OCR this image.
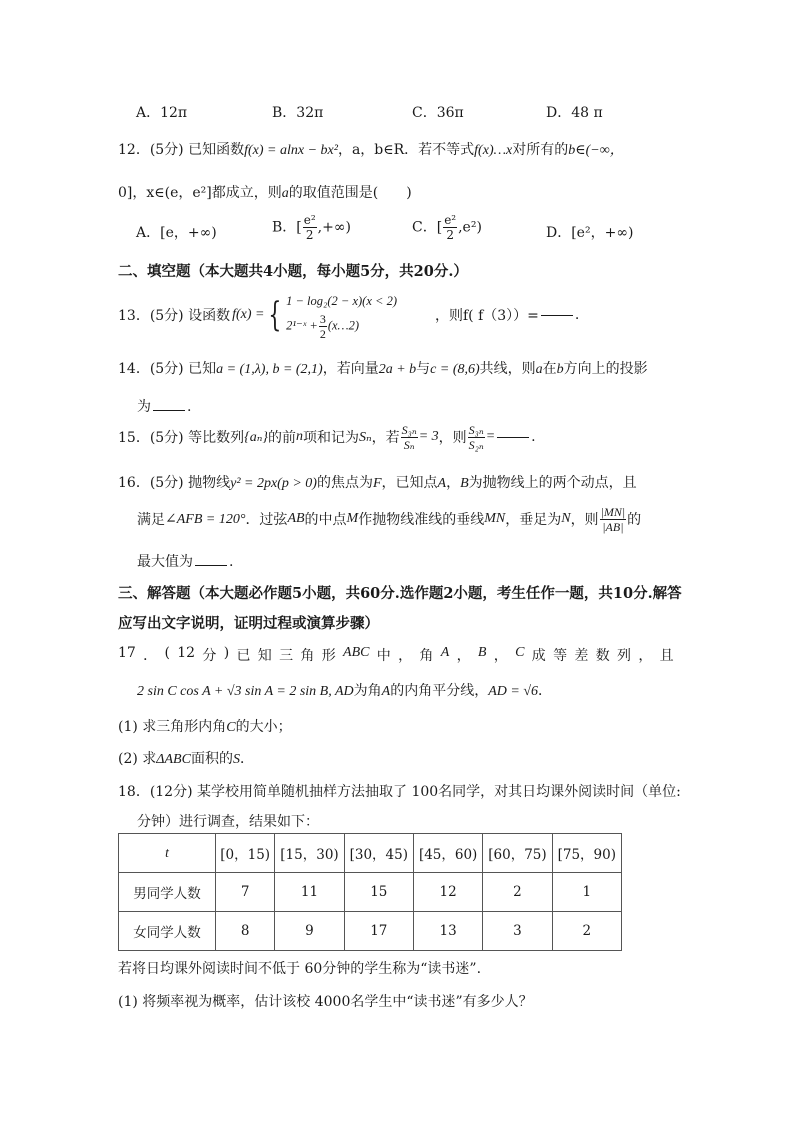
A．12π	B．32π	C．36π	D．48 π
12．(5分) 已知函数f(x) = alnx − bx²，a，b∈R．若不等式f(x)…x对所有的b∈(−∞，
0]，x∈(e，e²]都成立，则a的取值范围是(　　)
A．[e，+∞)	B．[ $\frac{\text{e²}}{2}$ ,+∞)	C．[ $\frac{\text{e²}}{2} ,e^2$)	D．[e²，+∞)
二、填空题（本大题共4小题，每小题5分，共20分.）
13．(5分) 设函数 f(x) = { 1 − log₂(2 − x)(x < 2)
2¹⁻ˣ + $\frac{3}{2}$ (x…2)
，则f( f（3））=	.
14．(5分) 已知a = (1,λ), b = (2,1)，若向量2a + b与c = (8,6)共线，则a在b方向上的投影
为	.
15．(5分) 等比数列 {aₙ} 的前 n 项和记为 Sₙ ，若 $\frac{\text{S₃ₙ}}{\text{Sₙ}} = 3$ ，则 $\frac{\text{S₃ₙ}}{\text{S₂ₙ}}$ =	.
16．(5分) 抛物线y² = 2px(p > 0)的焦点为F，已知点A，B为抛物线上的两个动点，且
满足 ∠AFB = 120° ．过弦 AB 的中点 M 作抛物线准线的垂线 MN ，垂足为 N ，则 $\frac{|MN|}{|AB|}$ 的
最大值为	.
三、解答题（本大题必作题5小题，共60分.选作题2小题，考生任作一题，共10分.解答
应写出文字说明，证明过程或演算步骤）
17 ． ( 12 分 ) 已 知 三 角 形 ABC 中 ， 角 A ， B ， C 成 等 差 数 列 ， 且
2 sin C cos A + √3 sin A = 2 sin B, AD为角A的内角平分线，AD = √6．
(1) 求三角形内角C的大小；
(2) 求ΔABC面积的S．
18．(12分) 某学校用简单随机抽样方法抽取了 100名同学，对其日均课外阅读时间（单位:
分钟）进行调查，结果如下：
t	[0，15)	[15，30)	[30，45)	[45，60)	[60，75)	[75，90)
男同学人数	7	11	15	12	2	1
女同学人数	8	9	17	13	3	2
若将日均课外阅读时间不低于 60分钟的学生称为“读书迷”.
(1) 将频率视为概率，估计该校 4000名学生中“读书迷”有多少人？
